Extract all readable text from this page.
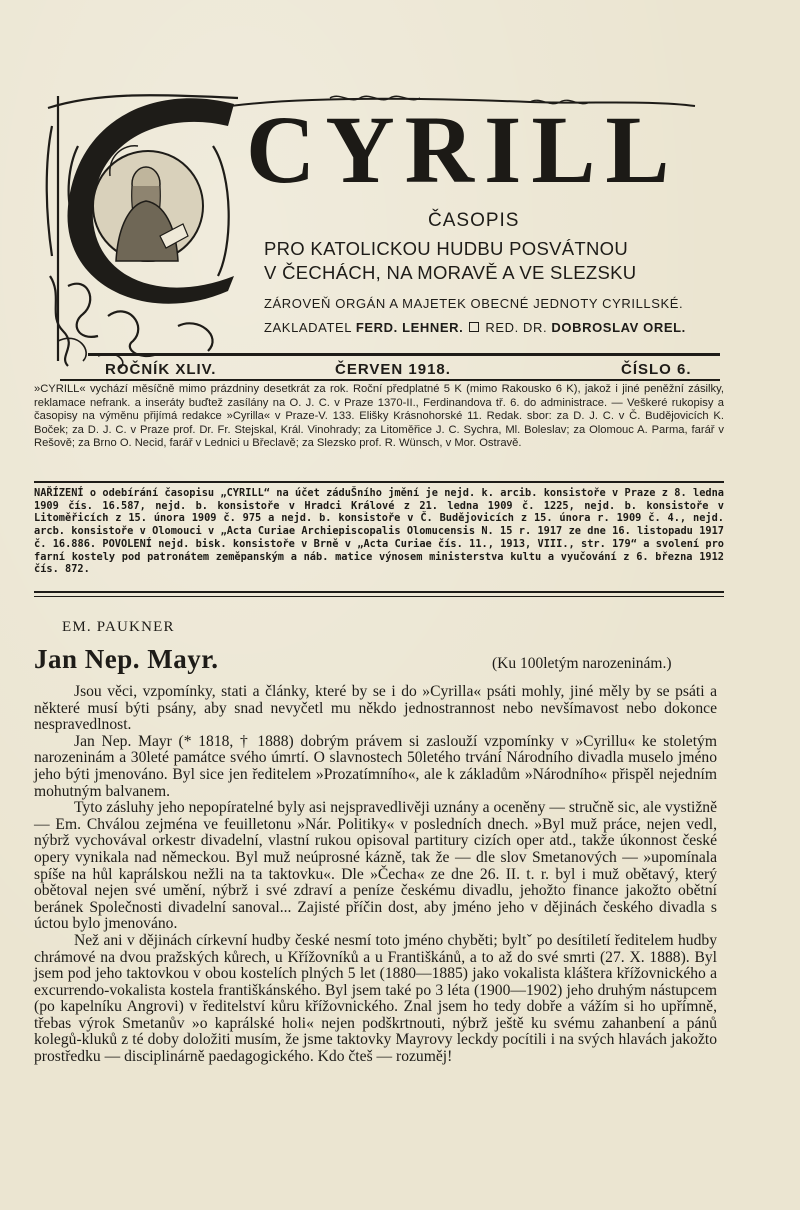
CYRILL
ČASOPIS
PRO KATOLICKOU HUDBU POSVÁTNOU
V ČECHÁCH, NA MORAVĚ A VE SLEZSKU
ZÁROVEŇ ORGÁN A MAJETEK OBECNÉ JEDNOTY CYRILLSKÉ.
ZAKLADATEL FERD. LEHNER. RED. DR. DOBROSLAV OREL.
ROČNÍK XLIV.	ČERVEN 1918.	ČÍSLO 6.

»CYRILL« vychází měsíčně mimo prázdniny desetkrát za rok. Roční předplatné 5 K (mimo Rakousko 6 K), jakož i jiné peněžní zásilky, reklamace nefrank. a inseráty buďtež zasílány na O. J. C. v Praze 1370-II., Ferdinandova tř. 6. do administrace. — Veškeré rukopisy a časopisy na výměnu přijímá redakce »Cyrilla« v Praze-V. 133. Elišky Krásnohorské 11. Redak. sbor: za D. J. C. v Č. Budějovicích K. Boček; za D. J. C. v Praze prof. Dr. Fr. Stejskal, Král. Vinohrady; za Litoměřice J. C. Sychra, Ml. Boleslav; za Olomouc A. Parma, farář v Rešově; za Brno O. Necid, farář v Lednici u Břeclavě; za Slezsko prof. R. Wünsch, v Mor. Ostravě.

NAŘÍZENÍ o odebírání časopisu „CYRILL“ na účet záduŠního jmění je nejd. k. arcib. konsistoře v Praze z 8. ledna 1909 čís. 16.587, nejd. b. konsistoře v Hradci Králové z 21. ledna 1909 č. 1225, nejd. b. konsistoře v Litoměřicích z 15. února 1909 č. 975 a nejd. b. konsistoře v Č. Budějovicích z 15. února r. 1909 č. 4., nejd. arcb. konsistoře v Olomouci v „Acta Curiae Archiepiscopalis Olomucensis N. 15 r. 1917 ze dne 16. listopadu 1917 č. 16.886. POVOLENÍ nejd. bisk. konsistoře v Brně v „Acta Curiae čís. 11., 1913, VIII., str. 179“ a svolení pro farní kostely pod patronátem zeměpanským a náb. matice výnosem ministerstva kultu a vyučování z 6. března 1912 čís. 872.

EM. PAUKNER
Jan Nep. Mayr.	(Ku 100letým narozeninám.)

Jsou věci, vzpomínky, stati a články, které by se i do »Cyrilla« psáti mohly, jiné měly by se psáti a některé musí býti psány, aby snad nevyčetl mu někdo jednostrannost nebo nevšímavost nebo dokonce nespravedlnost.

Jan Nep. Mayr (* 1818, † 1888) dobrým právem si zaslouží vzpomínky v »Cyrillu« ke stoletým narozeninám a 30leté památce svého úmrtí. O slavnostech 50letého trvání Národního divadla muselo jméno jeho býti jmenováno. Byl sice jen ředitelem »Prozatímního«, ale k základům »Národního« přispěl nejedním mohutným balvanem.

Tyto zásluhy jeho nepopíratelné byly asi nejspravedlivěji uznány a oceněny — stručně sic, ale vystižně — Em. Chválou zejména ve feuilletonu »Nár. Politiky« v posledních dnech. »Byl muž práce, nejen vedl, nýbrž vychovával orkestr divadelní, vlastní rukou opisoval partitury cizích oper atd., takže úkonnost české opery vynikala nad německou. Byl muž neúprosné kázně, tak že — dle slov Smetanových — »upomínala spíše na hůl kaprálskou nežli na ta taktovku«. Dle »Čecha« ze dne 26. II. t. r. byl i muž obětavý, který obětoval nejen své umění, nýbrž i své zdraví a peníze českému divadlu, jehožto finance jakožto obětní beránek Společnosti divadelní sanoval... Zajisté příčin dost, aby jméno jeho v dějinách českého divadla s úctou bylo jmenováno.

Než ani v dějinách církevní hudby české nesmí toto jméno chyběti; byltˇ po desítiletí ředitelem hudby chrámové na dvou pražských kůrech, u Křížovníků a u Františkánů, a to až do své smrti (27. X. 1888). Byl jsem pod jeho taktovkou v obou kostelích plných 5 let (1880—1885) jako vokalista kláštera křížovnického a excurrendo-vokalista kostela františkánského. Byl jsem také po 3 léta (1900—1902) jeho druhým nástupcem (po kapelníku Angrovi) v ředitelství kůru křížovnického. Znal jsem ho tedy dobře a vážím si ho upřímně, třebas výrok Smetanův »o kaprálské holi« nejen podškrtnouti, nýbrž ještě ku svému zahanbení a pánů kolegů-kluků z té doby doložiti musím, že jsme taktovky Mayrovy leckdy pocítili i na svých hlavách jakožto prostředku — disciplinárně paedagogického. Kdo čteš — rozuměj!
